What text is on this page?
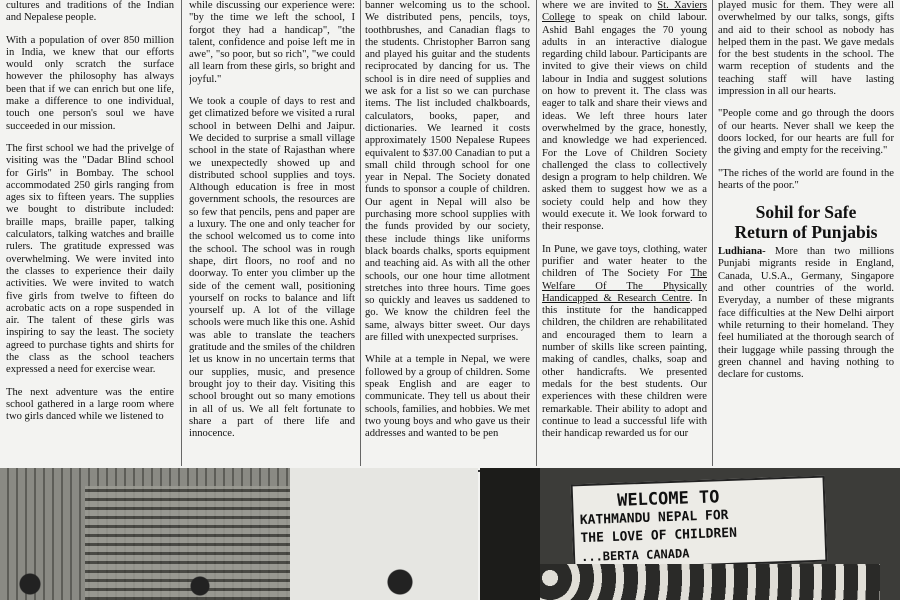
cultures and traditions of the Indian and Nepalese people.

With a population of over 850 million in India, we knew that our efforts would only scratch the surface however the philosophy has always been that if we can enrich but one life, make a difference to one individual, touch one person's soul we have succeeded in our mission.

The first school we had the privelge of visiting was the "Dadar Blind school for Girls" in Bombay. The school accommodated 250 girls ranging from ages six to fifteen years. The supplies we bought to distribute included: braille maps, braille paper, talking calculators, talking watches and braille rulers. The gratitude expressed was overwhelming. We were invited into the classes to experience their daily activities. We were invited to watch five girls from twelve to fifteen do acrobatic acts on a rope suspended in air. The talent of these girls was inspiring to say the least. The society agreed to purchase tights and shirts for the class as the school teachers expressed a need for exercise wear.

The next adventure was the entire school gathered in a large room where two girls danced while we listened to

while discussing our experience were: "by the time we left the school, I forgot they had a handicap", "the talent, confidence and poise left me in awe", "so poor, but so rich", "we could all learn from these girls, so bright and joyful."

We took a couple of days to rest and get climatized before we visited a rural school in between Delhi and Jaipur. We decided to surprise a small village school in the state of Rajasthan where we unexpectedly showed up and distributed school supplies and toys. Although education is free in most government schools, the resources are so few that pencils, pens and paper are a luxury. The one and only teacher for the school welcomed us to come into the school. The school was in rough shape, dirt floors, no roof and no doorway. To enter you climber up the side of the cement wall, positioning yourself on rocks to balance and lift yourself up. A lot of the village schools were much like this one. Ashid was able to translate the teachers gratitude and the smiles of the children let us know in no uncertain terms that our supplies, music, and presence brought joy to their day. Visiting this school brought out so many emotions in all of us. We all felt fortunate to share a part of there life and innocence.

banner welcoming us to the school. We distributed pens, pencils, toys, toothbrushes, and Canadian flags to the students. Christopher Barron sang and played his guitar and the students reciprocated by dancing for us. The school is in dire need of supplies and we ask for a list so we can purchase items. The list included chalkboards, calculators, books, paper, and dictionaries. We learned it costs approximately 1500 Nepalese Rupees equivalent to $37.00 Canadian to put a small child through school for one year in Nepal. The Society donated funds to sponsor a couple of children. Our agent in Nepal will also be purchasing more school supplies with the funds provided by our society, these include things like uniforms black boards chalks, sports equipment and teaching aid. As with all the other schools, our one hour time allotment stretches into three hours. Time goes so quickly and leaves us saddened to go. We know the children feel the same, always bitter sweet. Our days are filled with unexpected surprises.

While at a temple in Nepal, we were followed by a group of children. Some speak English and are eager to communicate. They tell us about their schools, families, and hobbies. We met two young boys and who gave us their addresses and wanted to be pen

where we are invited to St. Xaviers College to speak on child labour. Ashid Bahl engages the 70 young adults in an interactive dialogue regarding child labour. Participants are invited to give their views on child labour in India and suggest solutions on how to prevent it. The class was eager to talk and share their views and ideas. We left three hours later overwhelmed by the grace, honestly, and knowledge we had experienced. For the Love of Children Society challenged the class to collectively design a program to help children. We asked them to suggest how we as a society could help and how they would execute it. We look forward to their response.

In Pune, we gave toys, clothing, water purifier and water heater to the children of The Society For The Welfare Of The Physically Handicapped & Research Centre. In this institute for the handicapped children, the children are rehabilitated and encouraged them to learn a number of skills like screen painting, making of candles, chalks, soap and other handicrafts. We presented medals for the best students. Our experiences with these children were remarkable. Their ability to adopt and continue to lead a successful life with their handicap rewarded us for our

played music for them. They were all overwhelmed by our talks, songs, gifts and aid to their school as nobody has helped them in the past. We gave medals for the best students in the school. The warm reception of students and the teaching staff will have lasting impression in all our hearts.

"People come and go through the doors of our hearts. Never shall we keep the doors locked, for our hearts are full for the giving and empty for the receiving."

"The riches of the world are found in the hearts of the poor."

Sohil for Safe
Return of Punjabis

Ludhiana- More than two millions Punjabi migrants reside in England, Canada, U.S.A., Germany, Singapore and other countries of the world. Everyday, a number of these migrants face difficulties at the New Delhi airport while returning to their homeland. They feel humiliated at the thorough search of their luggage while passing through the green channel and having nothing to declare for customs.

WELCOME TO
KATHMANDU NEPAL FOR
THE LOVE OF CHILDREN
...BERTA CANADA
